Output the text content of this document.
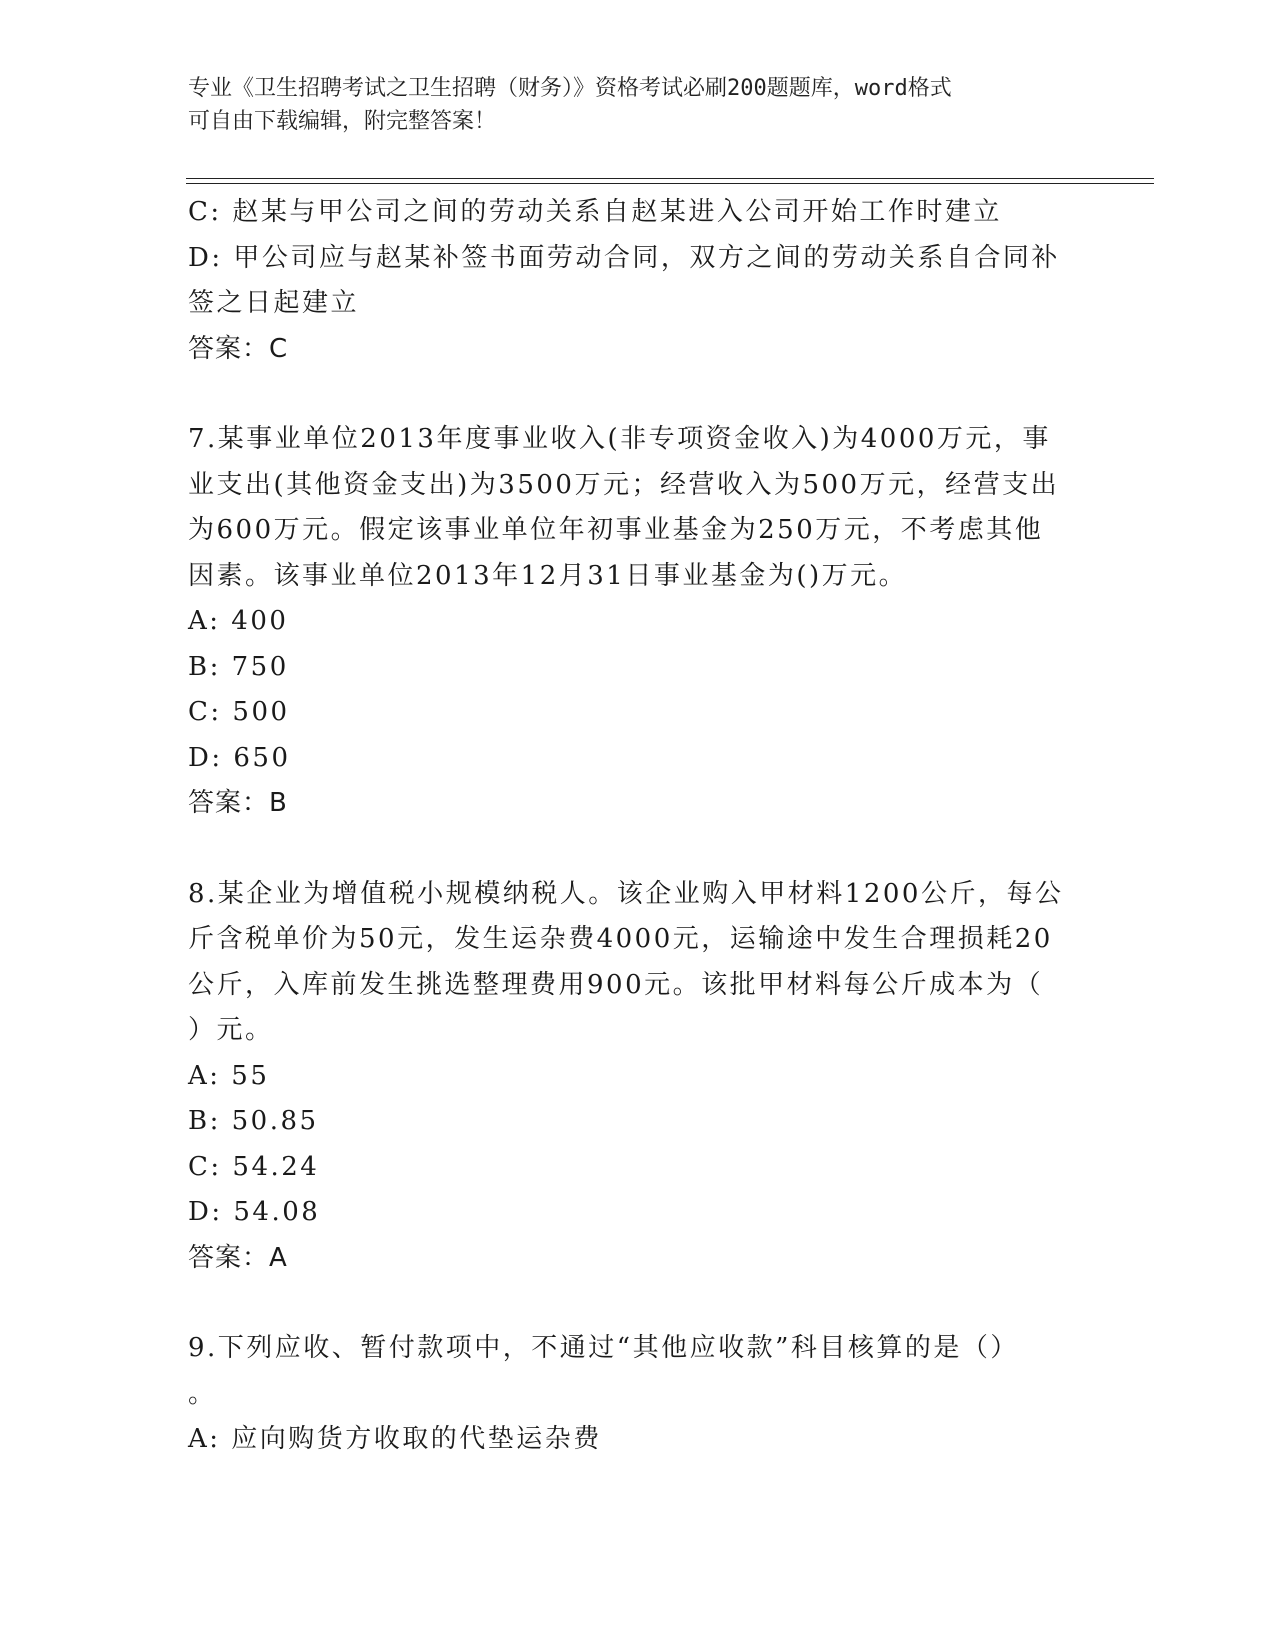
专业《卫生招聘考试之卫生招聘（财务）》资格考试必刷200题题库，word格式
可自由下载编辑，附完整答案！
C: 赵某与甲公司之间的劳动关系自赵某进入公司开始工作时建立
D: 甲公司应与赵某补签书面劳动合同，双方之间的劳动关系自合同补
签之日起建立
答案：C
7.某事业单位2013年度事业收入(非专项资金收入)为4000万元，事
业支出(其他资金支出)为3500万元；经营收入为500万元，经营支出
为600万元。假定该事业单位年初事业基金为250万元，不考虑其他
因素。该事业单位2013年12月31日事业基金为()万元。
A: 400
B: 750
C: 500
D: 650
答案：B
8.某企业为增值税小规模纳税人。该企业购入甲材料1200公斤，每公
斤含税单价为50元，发生运杂费4000元，运输途中发生合理损耗20
公斤，入库前发生挑选整理费用900元。该批甲材料每公斤成本为（
）元。
A: 55
B: 50.85
C: 54.24
D: 54.08
答案：A
9.下列应收、暂付款项中，不通过“其他应收款”科目核算的是（）
。
A: 应向购货方收取的代垫运杂费
